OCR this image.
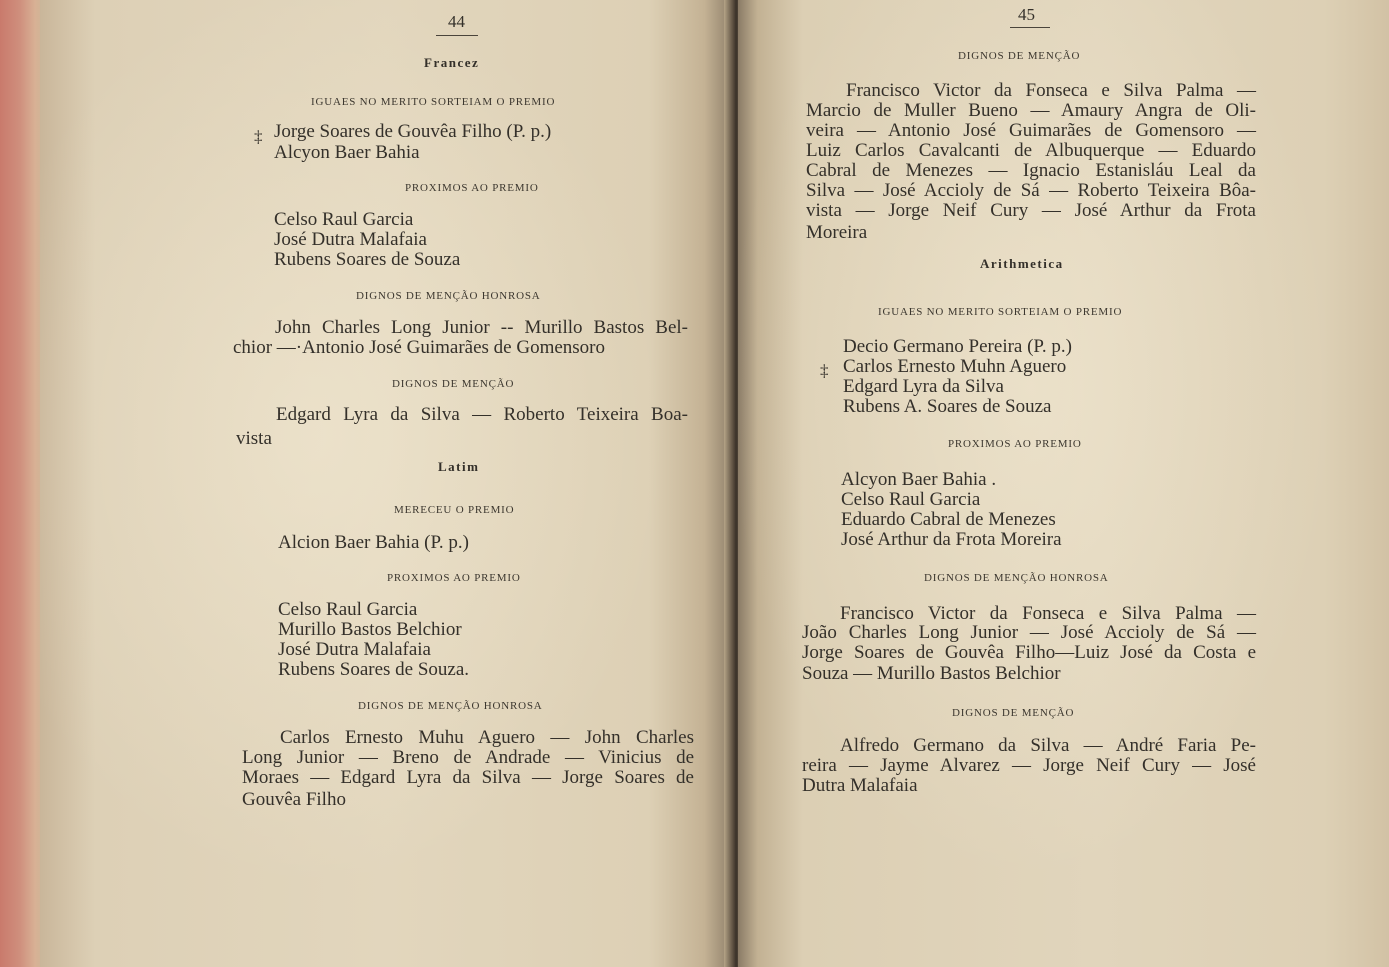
44
Francez
IGUAES NO MERITO SORTEIAM O PREMIO
‡ Jorge Soares de Gouvêa Filho (P. p.)
Alcyon Baer Bahia
PROXIMOS AO PREMIO
Celso Raul Garcia
José Dutra Malafaia
Rubens Soares de Souza
DIGNOS DE MENÇÃO HONROSA
John Charles Long Junior -- Murillo Bastos Bel-
chior —·Antonio José Guimarães de Gomensoro
DIGNOS DE MENÇÃO
Edgard Lyra da Silva — Roberto Teixeira Boa-
vista
Latim
MERECEU O PREMIO
Alcion Baer Bahia (P. p.)
PROXIMOS AO PREMIO
Celso Raul Garcia
Murillo Bastos Belchior
José Dutra Malafaia
Rubens Soares de Souza.
DIGNOS DE MENÇÃO HONROSA
Carlos Ernesto Muhu Aguero — John Charles
Long Junior — Breno de Andrade — Vinicius de
Moraes — Edgard Lyra da Silva — Jorge Soares de
Gouvêa Filho
45
DIGNOS DE MENÇÃO
Francisco Victor da Fonseca e Silva Palma —
Marcio de Muller Bueno — Amaury Angra de Oli-
veira — Antonio José Guimarães de Gomensoro —
Luiz Carlos Cavalcanti de Albuquerque — Eduardo
Cabral de Menezes — Ignacio Estanisláu Leal da
Silva — José Accioly de Sá — Roberto Teixeira Bôa-
vista — Jorge Neif Cury — José Arthur da Frota
Moreira
Arithmetica
IGUAES NO MERITO SORTEIAM O PREMIO
Decio Germano Pereira (P. p.)
‡ Carlos Ernesto Muhn Aguero
Edgard Lyra da Silva
Rubens A. Soares de Souza
PROXIMOS AO PREMIO
Alcyon Baer Bahia .
Celso Raul Garcia
Eduardo Cabral de Menezes
José Arthur da Frota Moreira
DIGNOS DE MENÇÃO HONROSA
Francisco Victor da Fonseca e Silva Palma —
João Charles Long Junior — José Accioly de Sá —
Jorge Soares de Gouvêa Filho—Luiz José da Costa e
Souza — Murillo Bastos Belchior
DIGNOS DE MENÇÃO
Alfredo Germano da Silva — André Faria Pe-
reira — Jayme Alvarez — Jorge Neif Cury — José
Dutra Malafaia
